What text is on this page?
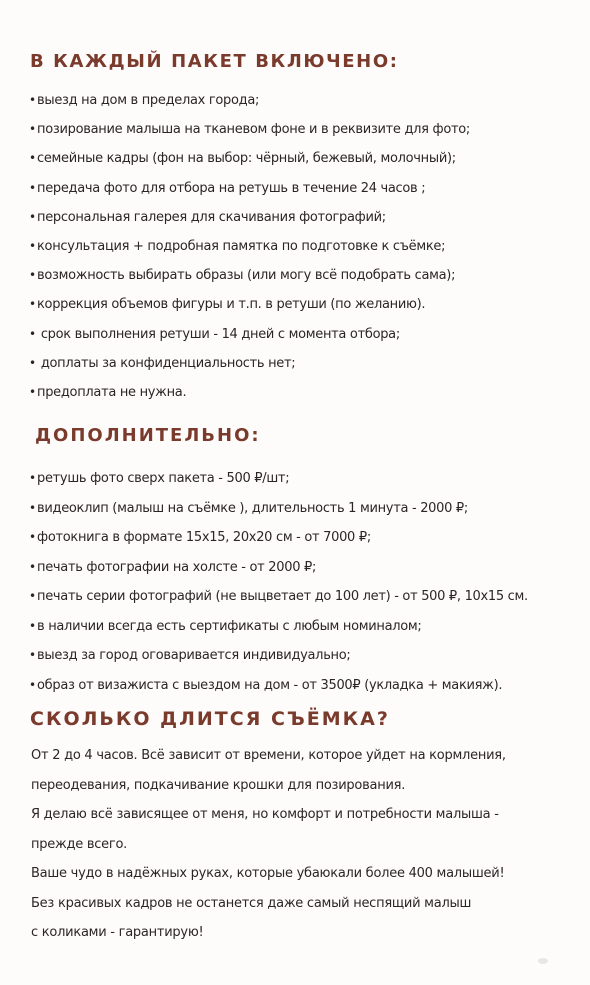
В КАЖДЫЙ ПАКЕТ ВКЛЮЧЕНО:
•выезд на дом в пределах города;
•позирование малыша на тканевом фоне и в реквизите для фото;
•семейные кадры (фон на выбор: чёрный, бежевый, молочный);
•передача фото для отбора на ретушь в течение 24 часов ;
•персональная галерея для скачивания фотографий;
•консультация + подробная памятка по подготовке к съёмке;
•возможность выбирать образы (или могу всё подобрать сама);
•коррекция объемов фигуры и т.п. в ретуши (по желанию).
• срок выполнения ретуши - 14 дней с момента отбора;
• доплаты за конфиденциальность нет;
•предоплата не нужна.
ДОПОЛНИТЕЛЬНО:
•ретушь фото сверх пакета - 500 ₽/шт;
•видеоклип (малыш на съёмке ), длительность 1 минута - 2000 ₽;
•фотокнига в формате 15х15, 20х20 см - от 7000 ₽;
•печать фотографии на холсте - от 2000 ₽;
•печать серии фотографий (не выцветает до 100 лет) - от 500 ₽, 10х15 см.
•в наличии всегда есть сертификаты с любым номиналом;
•выезд за город оговаривается индивидуально;
•образ от визажиста с выездом на дом - от 3500₽ (укладка + макияж).
СКОЛЬКО ДЛИТСЯ СЪЁМКА?
От 2 до 4 часов. Всё зависит от времени, которое уйдет на кормления,
переодевания, подкачивание крошки для позирования.
Я делаю всё зависящее от меня, но комфорт и потребности малыша -
прежде всего.
Ваше чудо в надёжных руках, которые убаюкали более 400 малышей!
Без красивых кадров не останется даже самый неспящий малыш
с коликами - гарантирую!
